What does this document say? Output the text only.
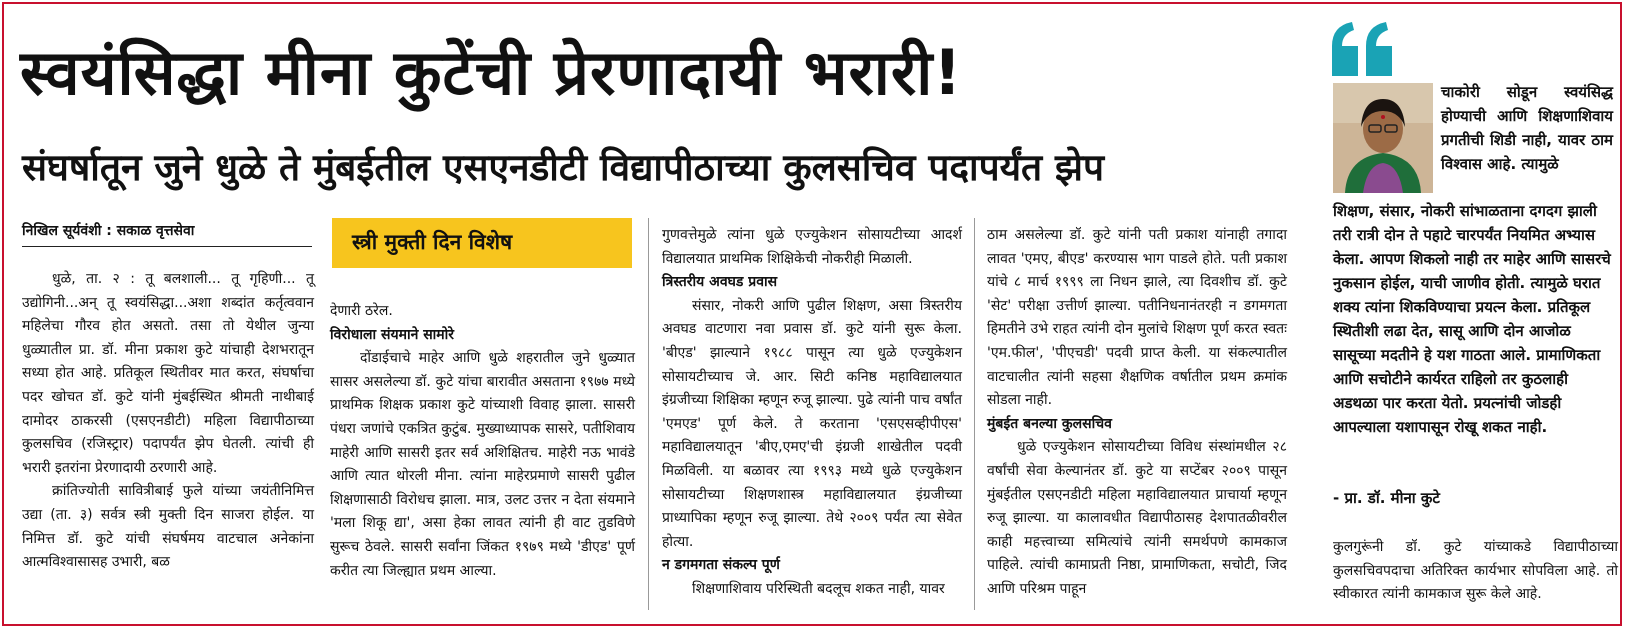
स्वयंसिद्धा मीना कुटेंची प्रेरणादायी भरारी!
संघर्षातून जुने धुळे ते मुंबईतील एसएनडीटी विद्यापीठाच्या कुलसचिव पदापर्यंत झेप
निखिल सूर्यवंशी : सकाळ वृत्तसेवा

धुळे, ता. २ : तू बलशाली... तू गृहिणी... तू उद्योगिनी...अन् तू स्वयंसिद्धा...अशा शब्दांत कर्तृत्ववान महिलेचा गौरव होत असतो. तसा तो येथील जुन्या धुळ्यातील प्रा. डॉ. मीना प्रकाश कुटे यांचाही देशभरातून सध्या होत आहे. प्रतिकूल स्थितीवर मात करत, संघर्षाचा पदर खोचत डॉ. कुटे यांनी मुंबईस्थित श्रीमती नाथीबाई दामोदर ठाकरसी (एसएनडीटी) महिला विद्यापीठाच्या कुलसचिव (रजिस्ट्रार) पदापर्यंत झेप घेतली. त्यांची ही भरारी इतरांना प्रेरणादायी ठरणारी आहे.

क्रांतिज्योती सावित्रीबाई फुले यांच्या जयंतीनिमित्त उद्या (ता. ३) सर्वत्र स्त्री मुक्ती दिन साजरा होईल. या निमित्त डॉ. कुटे यांची संघर्षमय वाटचाल अनेकांना आत्मविश्वासासह उभारी, बळ

स्त्री मुक्ती दिन विशेष

देणारी ठरेल.

विरोधाला संयमाने सामोरे

दोंडाईचाचे माहेर आणि धुळे शहरातील जुने धुळ्यात सासर असलेल्या डॉ. कुटे यांचा बारावीत असताना १९७७ मध्ये प्राथमिक शिक्षक प्रकाश कुटे यांच्याशी विवाह झाला. सासरी पंधरा जणांचे एकत्रित कुटुंब. मुख्याध्यापक सासरे, पतीशिवाय माहेरी आणि सासरी इतर सर्व अशिक्षितच. माहेरी नऊ भावंडे आणि त्यात थोरली मीना. त्यांना माहेरप्रमाणे सासरी पुढील शिक्षणासाठी विरोधच झाला. मात्र, उलट उत्तर न देता संयमाने 'मला शिकू द्या', असा हेका लावत त्यांनी ही वाट तुडविणे सुरूच ठेवले. सासरी सर्वांना जिंकत १९७९ मध्ये 'डीएड' पूर्ण करीत त्या जिल्ह्यात प्रथम आल्या.

गुणवत्तेमुळे त्यांना धुळे एज्युकेशन सोसायटीच्या आदर्श विद्यालयात प्राथमिक शिक्षिकेची नोकरीही मिळाली.

त्रिस्तरीय अवघड प्रवास

संसार, नोकरी आणि पुढील शिक्षण, असा त्रिस्तरीय अवघड वाटणारा नवा प्रवास डॉ. कुटे यांनी सुरू केला. 'बीएड' झाल्याने १९८८ पासून त्या धुळे एज्युकेशन सोसायटीच्याच जे. आर. सिटी कनिष्ठ महाविद्यालयात इंग्रजीच्या शिक्षिका म्हणून रुजू झाल्या. पुढे त्यांनी पाच वर्षांत 'एमएड' पूर्ण केले. ते करताना 'एसएसव्हीपीएस' महाविद्यालयातून 'बीए,एमए'ची इंग्रजी शाखेतील पदवी मिळविली. या बळावर त्या १९९३ मध्ये धुळे एज्युकेशन सोसायटीच्या शिक्षणशास्त्र महाविद्यालयात इंग्रजीच्या प्राध्यापिका म्हणून रुजू झाल्या. तेथे २००९ पर्यंत त्या सेवेत होत्या.

न डगमगता संकल्प पूर्ण

शिक्षणाशिवाय परिस्थिती बदलूच शकत नाही, यावर

ठाम असलेल्या डॉ. कुटे यांनी पती प्रकाश यांनाही तगादा लावत 'एमए, बीएड' करण्यास भाग पाडले होते. पती प्रकाश यांचे ८ मार्च १९९९ ला निधन झाले, त्या दिवशीच डॉ. कुटे 'सेट' परीक्षा उत्तीर्ण झाल्या. पतीनिधनानंतरही न डगमगता हिमतीने उभे राहत त्यांनी दोन मुलांचे शिक्षण पूर्ण करत स्वतः 'एम.फील', 'पीएचडी' पदवी प्राप्त केली. या संकल्पातील वाटचालीत त्यांनी सहसा शैक्षणिक वर्षातील प्रथम क्रमांक सोडला नाही.

मुंबईत बनल्या कुलसचिव

धुळे एज्युकेशन सोसायटीच्या विविध संस्थांमधील २८ वर्षांची सेवा केल्यानंतर डॉ. कुटे या सप्टेंबर २००९ पासून मुंबईतील एसएनडीटी महिला महाविद्यालयात प्राचार्या म्हणून रुजू झाल्या. या कालावधीत विद्यापीठासह देशपातळीवरील काही महत्त्वाच्या समित्यांचे त्यांनी समर्थपणे कामकाज पाहिले. त्यांची कामाप्रती निष्ठा, प्रामाणिकता, सचोटी, जिद आणि परिश्रम पाहून

चाकोरी सोडून स्वयंसिद्ध होण्याची आणि शिक्षणाशिवाय प्रगतीची शिडी नाही, यावर ठाम विश्वास आहे. त्यामुळे
शिक्षण, संसार, नोकरी सांभाळताना दगदग झाली तरी रात्री दोन ते पहाटे चारपर्यंत नियमित अभ्यास केला. आपण शिकलो नाही तर माहेर आणि सासरचे नुकसान होईल, याची जाणीव होती. त्यामुळे घरात शक्य त्यांना शिकविण्याचा प्रयत्न केला. प्रतिकूल स्थितीशी लढा देत, सासू आणि दोन आजोळ सासूच्या मदतीने हे यश गाठता आले. प्रामाणिकता आणि सचोटीने कार्यरत राहिलो तर कुठलाही अडथळा पार करता येतो. प्रयत्नांची जोडही आपल्याला यशापासून रोखू शकत नाही.
- प्रा. डॉ. मीना कुटे
कुलगुरूंनी डॉ. कुटे यांच्याकडे विद्यापीठाच्या कुलसचिवपदाचा अतिरिक्त कार्यभार सोपविला आहे. तो स्वीकारत त्यांनी कामकाज सुरू केले आहे.
